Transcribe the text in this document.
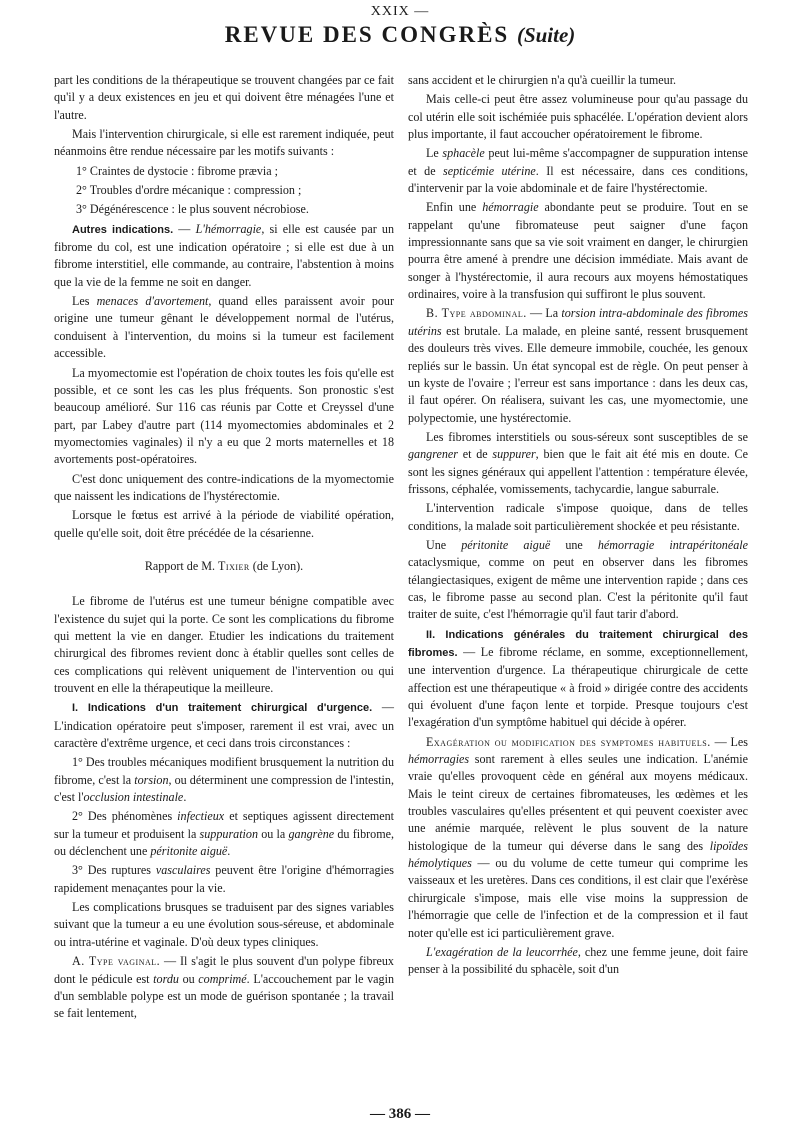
XXIX —
REVUE DES CONGRÈS (Suite)

part les conditions de la thérapeutique se trouvent changées par ce fait qu'il y a deux existences en jeu et qui doivent être ménagées l'une et l'autre.

Mais l'intervention chirurgicale, si elle est rarement indiquée, peut néanmoins être rendue nécessaire par les motifs suivants :

1° Craintes de dystocie : fibrome prævia ;

2° Troubles d'ordre mécanique : compression ;

3° Dégénérescence : le plus souvent nécrobiose.

Autres indications. — L'hémorragie, si elle est causée par un fibrome du col, est une indication opératoire ; si elle est due à un fibrome interstitiel, elle commande, au contraire, l'abstention à moins que la vie de la femme ne soit en danger.

Les menaces d'avortement, quand elles paraissent avoir pour origine une tumeur gênant le développement normal de l'utérus, conduisent à l'intervention, du moins si la tumeur est facilement accessible.

La myomectomie est l'opération de choix toutes les fois qu'elle est possible, et ce sont les cas les plus fréquents. Son pronostic s'est beaucoup amélioré. Sur 116 cas réunis par Cotte et Creyssel d'une part, par Labey d'autre part (114 myomectomies abdominales et 2 myomectomies vaginales) il n'y a eu que 2 morts maternelles et 18 avortements post-opératoires.

C'est donc uniquement des contre-indications de la myomectomie que naissent les indications de l'hystérectomie.

Lorsque le fœtus est arrivé à la période de viabilité opération, quelle qu'elle soit, doit être précédée de la césarienne.

Rapport de M. Tixier (de Lyon).

Le fibrome de l'utérus est une tumeur bénigne compatible avec l'existence du sujet qui la porte. Ce sont les complications du fibrome qui mettent la vie en danger. Etudier les indications du traitement chirurgical des fibromes revient donc à établir quelles sont celles de ces complications qui relèvent uniquement de l'intervention ou qui trouvent en elle la thérapeutique la meilleure.

I. Indications d'un traitement chirurgical d'urgence. — L'indication opératoire peut s'imposer, rarement il est vrai, avec un caractère d'extrême urgence, et ceci dans trois circonstances :

1° Des troubles mécaniques modifient brusquement la nutrition du fibrome, c'est la torsion, ou déterminent une compression de l'intestin, c'est l'occlusion intestinale.

2° Des phénomènes infectieux et septiques agissent directement sur la tumeur et produisent la suppuration ou la gangrène du fibrome, ou déclenchent une péritonite aiguë.

3° Des ruptures vasculaires peuvent être l'origine d'hémorragies rapidement menaçantes pour la vie.

Les complications brusques se traduisent par des signes variables suivant que la tumeur a eu une évolution sous-séreuse, et abdominale ou intra-utérine et vaginale. D'où deux types cliniques.

A. Type vaginal. — Il s'agit le plus souvent d'un polype fibreux dont le pédicule est tordu ou comprimé. L'accouchement par le vagin d'un semblable polype est un mode de guérison spontanée ; la travail se fait lentement,

sans accident et le chirurgien n'a qu'à cueillir la tumeur.

Mais celle-ci peut être assez volumineuse pour qu'au passage du col utérin elle soit ischémiée puis sphacélée. L'opération devient alors plus importante, il faut accoucher opératoirement le fibrome.

Le sphacèle peut lui-même s'accompagner de suppuration intense et de septicémie utérine. Il est nécessaire, dans ces conditions, d'intervenir par la voie abdominale et de faire l'hystérectomie.

Enfin une hémorragie abondante peut se produire. Tout en se rappelant qu'une fibromateuse peut saigner d'une façon impressionnante sans que sa vie soit vraiment en danger, le chirurgien pourra être amené à prendre une décision immédiate. Mais avant de songer à l'hystérectomie, il aura recours aux moyens hémostatiques ordinaires, voire à la transfusion qui suffiront le plus souvent.

B. Type abdominal. — La torsion intra-abdominale des fibromes utérins est brutale. La malade, en pleine santé, ressent brusquement des douleurs très vives. Elle demeure immobile, couchée, les genoux repliés sur le bassin. Un état syncopal est de règle. On peut penser à un kyste de l'ovaire ; l'erreur est sans importance : dans les deux cas, il faut opérer. On réalisera, suivant les cas, une myomectomie, une polypectomie, une hystérectomie.

Les fibromes interstitiels ou sous-séreux sont susceptibles de se gangrener et de suppurer, bien que le fait ait été mis en doute. Ce sont les signes généraux qui appellent l'attention : température élevée, frissons, céphalée, vomissements, tachycardie, langue saburrale.

L'intervention radicale s'impose quoique, dans de telles conditions, la malade soit particulièrement shockée et peu résistante.

Une péritonite aiguë une hémorragie intrapéritonéale cataclysmique, comme on peut en observer dans les fibromes télangiectasiques, exigent de même une intervention rapide ; dans ces cas, le fibrome passe au second plan. C'est la péritonite qu'il faut traiter de suite, c'est l'hémorragie qu'il faut tarir d'abord.

II. Indications générales du traitement chirurgical des fibromes. — Le fibrome réclame, en somme, exceptionnellement, une intervention d'urgence. La thérapeutique chirurgicale de cette affection est une thérapeutique « à froid » dirigée contre des accidents qui évoluent d'une façon lente et torpide. Presque toujours c'est l'exagération d'un symptôme habituel qui décide à opérer.

Exagération ou modification des symptomes habituels. — Les hémorragies sont rarement à elles seules une indication. L'anémie vraie qu'elles provoquent cède en général aux moyens médicaux. Mais le teint cireux de certaines fibromateuses, les œdèmes et les troubles vasculaires qu'elles présentent et qui peuvent coexister avec une anémie marquée, relèvent le plus souvent de la nature histologique de la tumeur qui déverse dans le sang des lipoïdes hémolytiques — ou du volume de cette tumeur qui comprime les vaisseaux et les uretères. Dans ces conditions, il est clair que l'exérèse chirurgicale s'impose, mais elle vise moins la suppression de l'hémorragie que celle de l'infection et de la compression et il faut noter qu'elle est ici particulièrement grave.

L'exagération de la leucorrhée, chez une femme jeune, doit faire penser à la possibilité du sphacèle, soit d'un

— 386 —
